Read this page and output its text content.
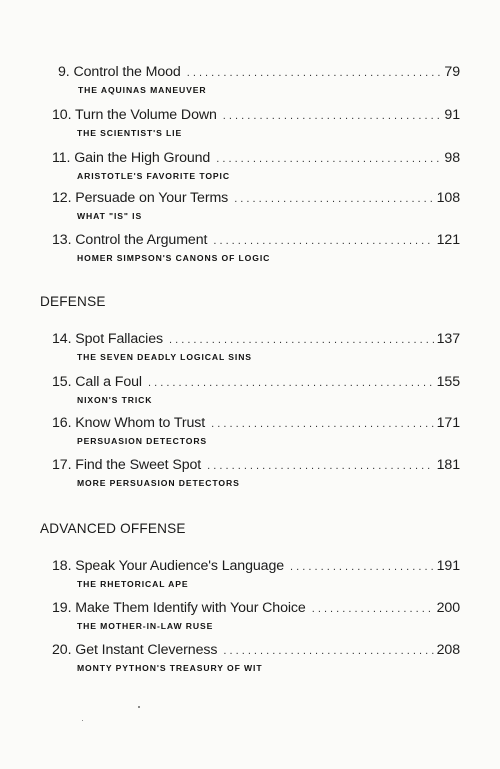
9. Control the Mood . . .	79
THE AQUINAS MANEUVER
10. Turn the Volume Down . . .	91
THE SCIENTIST'S LIE
11. Gain the High Ground . . .	98
ARISTOTLE'S FAVORITE TOPIC
12. Persuade on Your Terms . . .	108
WHAT "IS" IS
13. Control the Argument . . .	121
HOMER SIMPSON'S CANONS OF LOGIC
DEFENSE
14. Spot Fallacies . . .	137
THE SEVEN DEADLY LOGICAL SINS
15. Call a Foul . . .	155
NIXON'S TRICK
16. Know Whom to Trust . . .	171
PERSUASION DETECTORS
17. Find the Sweet Spot . . .	181
MORE PERSUASION DETECTORS
ADVANCED OFFENSE
18. Speak Your Audience's Language . . .	191
THE RHETORICAL APE
19. Make Them Identify with Your Choice . . .	200
THE MOTHER-IN-LAW RUSE
20. Get Instant Cleverness . . .	208
MONTY PYTHON'S TREASURY OF WIT
